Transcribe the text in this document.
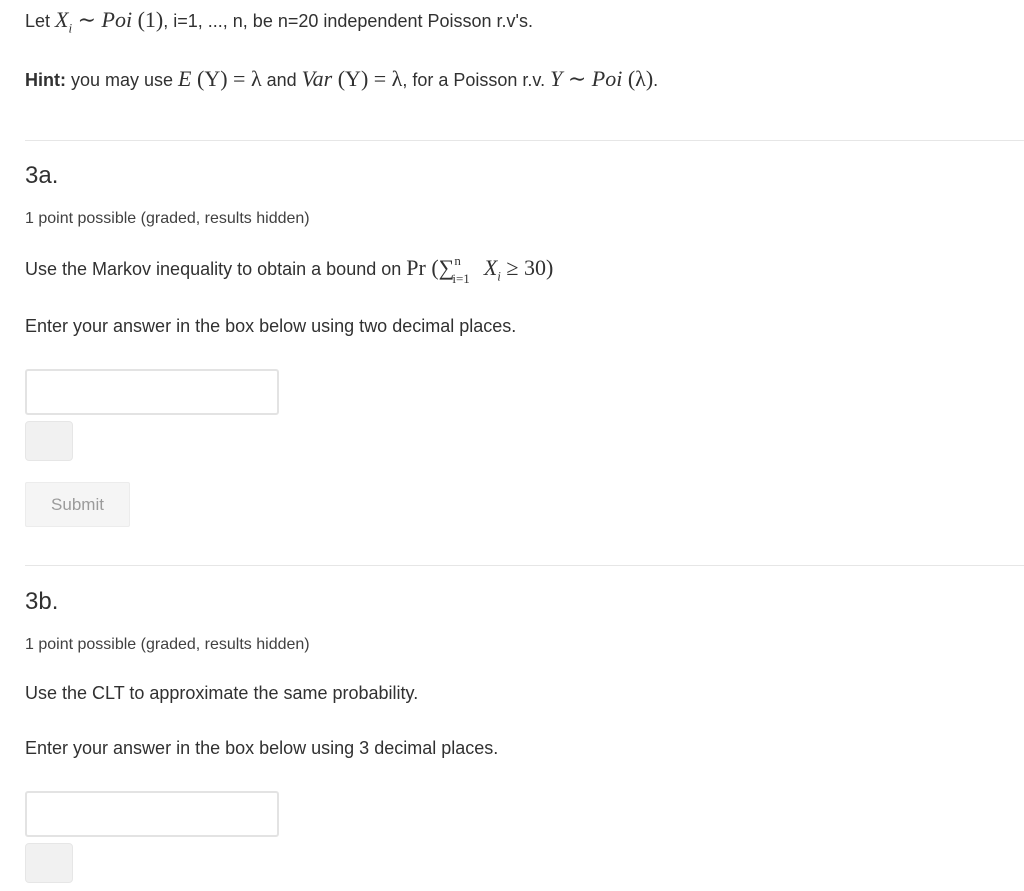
Let $X_i$ ∼ Poi (1), i=1, ..., n, be n=20 independent Poisson r.v's.
Hint: you may use E (Y) = λ and Var (Y) = λ, for a Poisson r.v. Y ∼ Poi (λ).
3a.
1 point possible (graded, results hidden)
Use the Markov inequality to obtain a bound on Pr (∑ n
i=1 $X_i \ge 30$)
Enter your answer in the box below using two decimal places.
Submit
3b.
1 point possible (graded, results hidden)
Use the CLT to approximate the same probability.
Enter your answer in the box below using 3 decimal places.
